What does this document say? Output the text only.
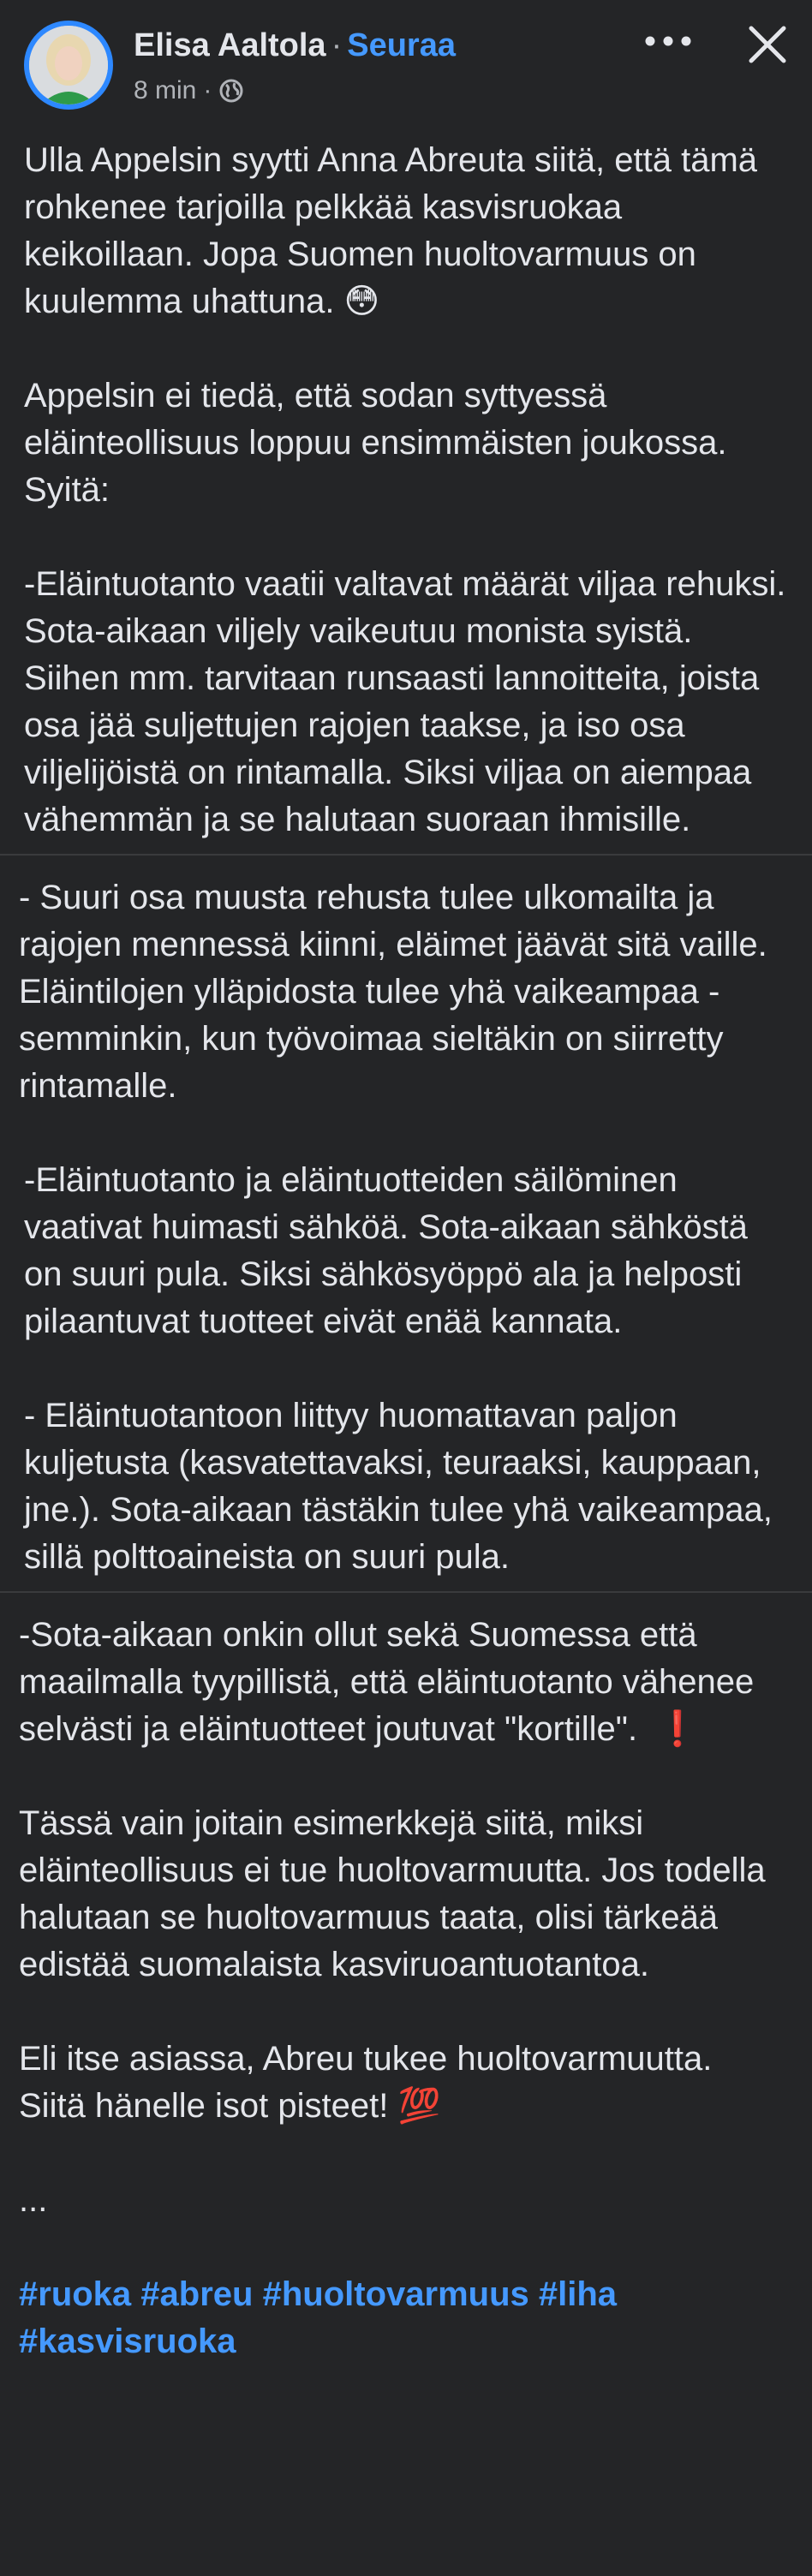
Elisa Aaltola · Seuraa
8 min ·

Ulla Appelsin syytti Anna Abreuta siitä, että tämä rohkenee tarjoilla pelkkää kasvisruokaa keikoillaan. Jopa Suomen huoltovarmuus on kuulemma uhattuna. 😳

Appelsin ei tiedä, että sodan syttyessä eläinteollisuus loppuu ensimmäisten joukossa. Syitä:

-Eläintuotanto vaatii valtavat määrät viljaa rehuksi. Sota-aikaan viljely vaikeutuu monista syistä. Siihen mm. tarvitaan runsaasti lannoitteita, joista osa jää suljettujen rajojen taakse, ja iso osa viljelijöistä on rintamalla. Siksi viljaa on aiempaa vähemmän ja se halutaan suoraan ihmisille.

- Suuri osa muusta rehusta tulee ulkomailta ja rajojen mennessä kiinni, eläimet jäävät sitä vaille. Eläintilojen ylläpidosta tulee yhä vaikeampaa - semminkin, kun työvoimaa sieltäkin on siirretty rintamalle.

-Eläintuotanto ja eläintuotteiden säilöminen vaativat huimasti sähköä. Sota-aikaan sähköstä on suuri pula. Siksi sähkösyöppö ala ja helposti pilaantuvat tuotteet eivät enää kannata.

- Eläintuotantoon liittyy huomattavan paljon kuljetusta (kasvatettavaksi, teuraaksi, kauppaan, jne.). Sota-aikaan tästäkin tulee yhä vaikeampaa, sillä polttoaineista on suuri pula.

-Sota-aikaan onkin ollut sekä Suomessa että maailmalla tyypillistä, että eläintuotanto vähenee selvästi ja eläintuotteet joutuvat "kortille".  ❗

Tässä vain joitain esimerkkejä siitä, miksi eläinteollisuus ei tue huoltovarmuutta. Jos todella halutaan se huoltovarmuus taata, olisi tärkeää edistää suomalaista kasviruoantuotantoa.

Eli itse asiassa, Abreu tukee huoltovarmuutta. Siitä hänelle isot pisteet! 💯

...

#ruoka #abreu #huoltovarmuus #liha #kasvisruoka
